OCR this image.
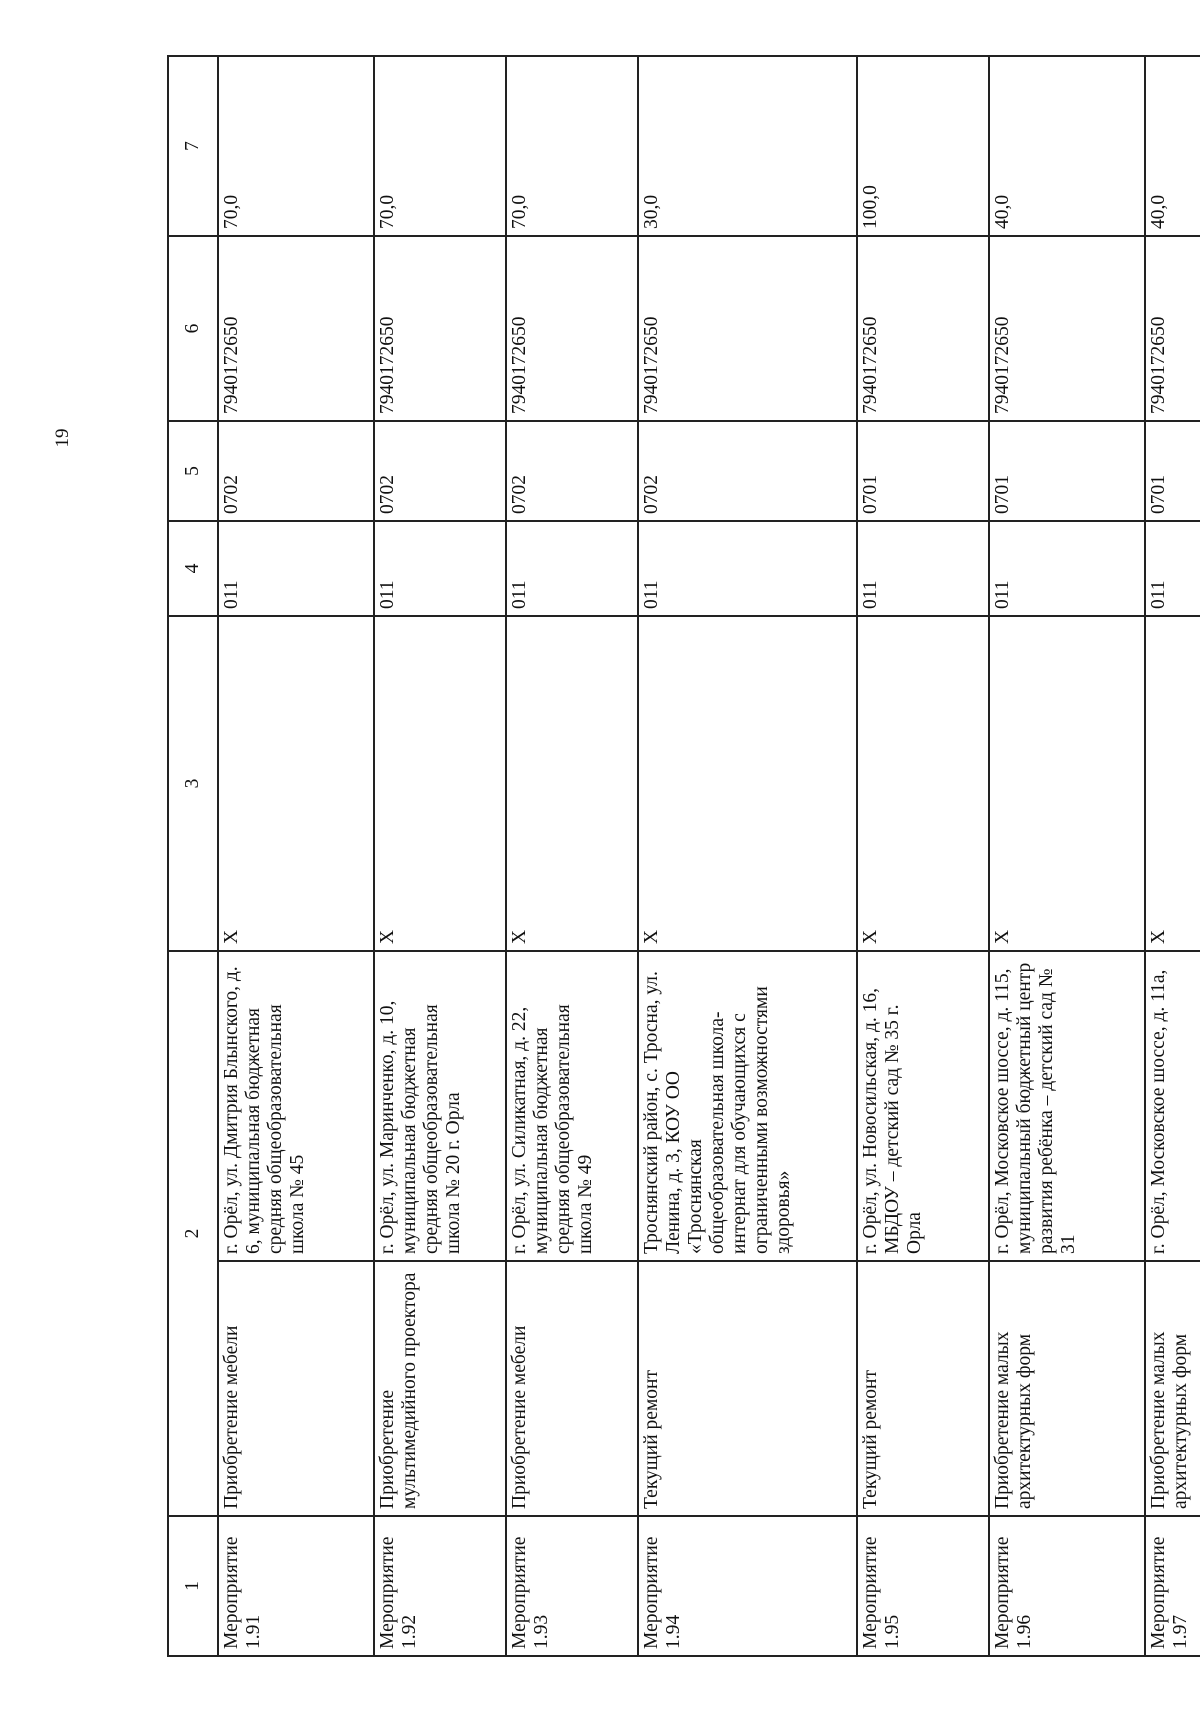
19
1	2		3	4	5	6	7
Мероприятие 1.91	Приобретение мебели	г. Орёл, ул. Дмитрия Блынского, д. 6, муниципальная бюджетная средняя общеобразовательная школа № 45	Х	011	0702	7940172650	70,0
Мероприятие 1.92	Приобретение мультимедийного проектора	г. Орёл, ул. Маринченко, д. 10, муниципальная бюджетная средняя общеобразовательная школа № 20 г. Орла	Х	011	0702	7940172650	70,0
Мероприятие 1.93	Приобретение мебели	г. Орёл, ул. Силикатная, д. 22, муниципальная бюджетная средняя общеобразовательная школа № 49	Х	011	0702	7940172650	70,0
Мероприятие 1.94	Текущий ремонт	Троснянский район, с. Тросна, ул. Ленина, д. 3, КОУ ОО «Троснянская общеобразовательная школа-интернат для обучающихся с ограниченными возможностями здоровья»	Х	011	0702	7940172650	30,0
Мероприятие 1.95	Текущий ремонт	г. Орёл, ул. Новосильская, д. 16, МБДОУ – детский сад № 35 г. Орла	Х	011	0701	7940172650	100,0
Мероприятие 1.96	Приобретение малых архитектурных форм	г. Орёл, Московское шоссе, д. 115, муниципальный бюджетный центр развития ребёнка – детский сад № 31	Х	011	0701	7940172650	40,0
Мероприятие 1.97	Приобретение малых архитектурных форм	г. Орёл, Московское шоссе, д. 11а,	Х	011	0701	7940172650	40,0
